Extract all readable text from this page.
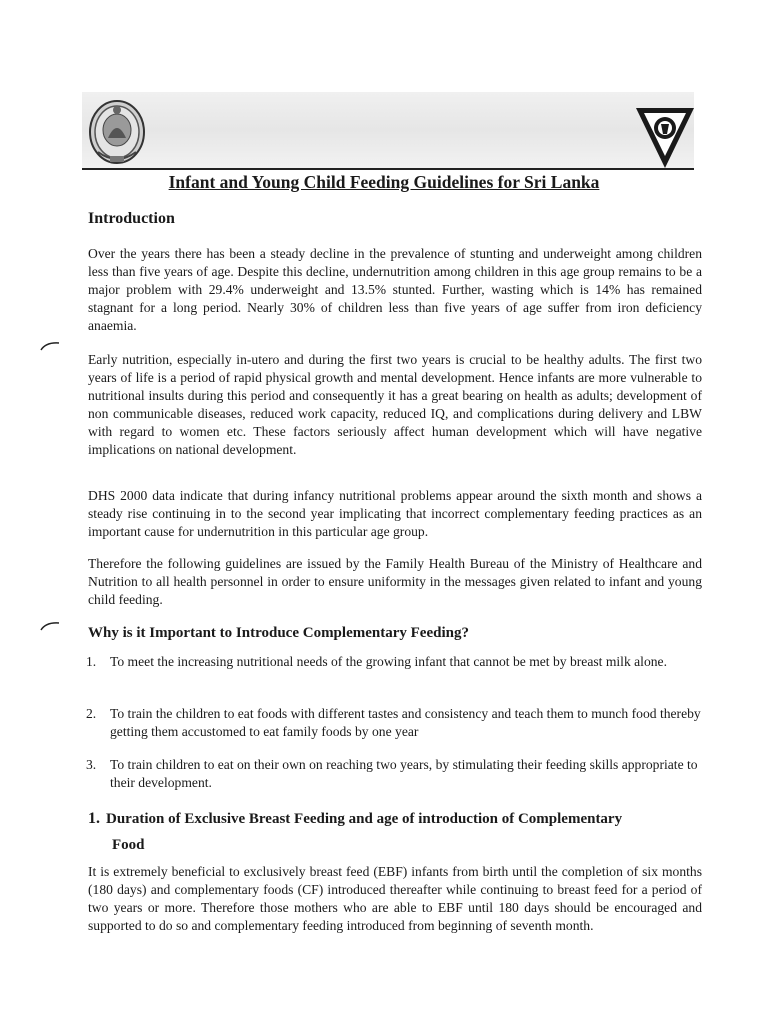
Infant and Young Child Feeding Guidelines for Sri Lanka
Introduction

Over the years there has been a steady decline in the prevalence of stunting and underweight among children less than five years of age. Despite this decline, undernutrition among children in this age group remains to be a major problem with 29.4% underweight and 13.5% stunted. Further, wasting which is 14% has remained stagnant for a long period. Nearly 30% of children less than five years of age suffer from iron deficiency anaemia.

Early nutrition, especially in-utero and during the first two years is crucial to be healthy adults. The first two years of life is a period of rapid physical growth and mental development. Hence infants are more vulnerable to nutritional insults during this period and consequently it has a great bearing on health as adults; development of non communicable diseases, reduced work capacity, reduced IQ, and complications during delivery and LBW with regard to women etc. These factors seriously affect human development which will have negative implications on national development.

DHS 2000 data indicate that during infancy nutritional problems appear around the sixth month and shows a steady rise continuing in to the second year implicating that incorrect complementary feeding practices as an important cause for undernutrition in this particular age group.

Therefore the following guidelines are issued by the Family Health Bureau of the Ministry of Healthcare and Nutrition to all health personnel in order to ensure uniformity in the messages given related to infant and young child feeding.

Why is it Important to Introduce Complementary Feeding?
1.	To meet the increasing nutritional needs of the growing infant that cannot be met by breast milk alone.
2.	To train the children to eat foods with different tastes and consistency and teach them to munch food thereby getting them accustomed to eat family foods by one year
3.	To train children to eat on their own on reaching two years, by stimulating their feeding skills appropriate to their development.
1. Duration of Exclusive Breast Feeding and age of introduction of Complementary
Food

It is extremely beneficial to exclusively breast feed (EBF) infants from birth until the completion of six months (180 days) and complementary foods (CF) introduced thereafter while continuing to breast feed for a period of two years or more. Therefore those mothers who are able to EBF until 180 days should be encouraged and supported to do so and complementary feeding introduced from beginning of seventh month.
